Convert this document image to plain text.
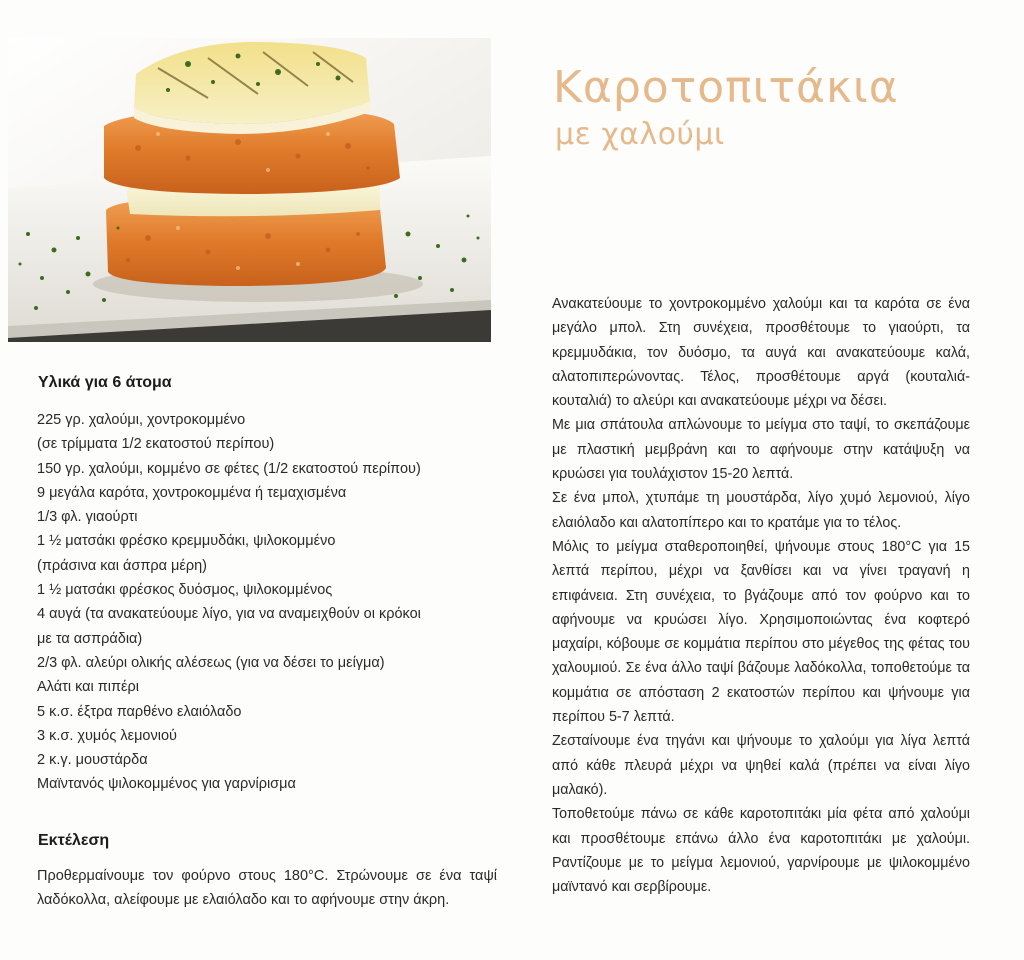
Καροτοπιτάκια
με χαλούμι
Υλικά για 6 άτομα
225 γρ. χαλούμι, χοντροκομμένο
(σε τρίμματα 1/2 εκατοστού περίπου)
150 γρ. χαλούμι, κομμένο σε φέτες (1/2 εκατοστού περίπου)
9 μεγάλα καρότα, χοντροκομμένα ή τεμαχισμένα
1/3 φλ. γιαούρτι
1 ½ ματσάκι φρέσκο κρεμμυδάκι, ψιλοκομμένο
(πράσινα και άσπρα μέρη)
1 ½ ματσάκι φρέσκος δυόσμος, ψιλοκομμένος
4 αυγά (τα ανακατεύουμε λίγο, για να αναμειχθούν οι κρόκοι
με τα ασπράδια)
2/3 φλ. αλεύρι ολικής αλέσεως (για να δέσει το μείγμα)
Αλάτι και πιπέρι
5 κ.σ. έξτρα παρθένο ελαιόλαδο
3 κ.σ. χυμός λεμονιού
2 κ.γ. μουστάρδα
Μαϊντανός ψιλοκομμένος για γαρνίρισμα
Εκτέλεση

Προθερμαίνουμε τον φούρνο στους 180°C. Στρώνουμε σε ένα ταψί λαδόκολλα, αλείφουμε με ελαιόλαδο και το αφήνουμε στην άκρη.

Ανακατεύουμε το χοντροκομμένο χαλούμι και τα καρότα σε ένα μεγάλο μπολ. Στη συνέχεια, προσθέτουμε το γιαούρτι, τα κρεμμυδάκια, τον δυόσμο, τα αυγά και ανακατεύουμε καλά, αλατοπιπερώνοντας. Τέλος, προσθέτουμε αργά (κουταλιά-κουταλιά) το αλεύρι και ανακατεύουμε μέχρι να δέσει.

Με μια σπάτουλα απλώνουμε το μείγμα στο ταψί, το σκεπάζουμε με πλαστική μεμβράνη και το αφήνουμε στην κατάψυξη να κρυώσει για τουλάχιστον 15-20 λεπτά.

Σε ένα μπολ, χτυπάμε τη μουστάρδα, λίγο χυμό λεμονιού, λίγο ελαιόλαδο και αλατοπίπερο και το κρατάμε για το τέλος.

Μόλις το μείγμα σταθεροποιηθεί, ψήνουμε στους 180°C για 15 λεπτά περίπου, μέχρι να ξανθίσει και να γίνει τραγανή η επιφάνεια. Στη συνέχεια, το βγάζουμε από τον φούρνο και το αφήνουμε να κρυώσει λίγο. Χρησιμοποιώντας ένα κοφτερό μαχαίρι, κόβουμε σε κομμάτια περίπου στο μέγεθος της φέτας του χαλουμιού. Σε ένα άλλο ταψί βάζουμε λαδόκολλα, τοποθετούμε τα κομμάτια σε απόσταση 2 εκατοστών περίπου και ψήνουμε για περίπου 5-7 λεπτά.

Ζεσταίνουμε ένα τηγάνι και ψήνουμε το χαλούμι για λίγα λεπτά από κάθε πλευρά μέχρι να ψηθεί καλά (πρέπει να είναι λίγο μαλακό).

Τοποθετούμε πάνω σε κάθε καροτοπιτάκι μία φέτα από χαλούμι και προσθέτουμε επάνω άλλο ένα καροτοπιτάκι με χαλούμι. Ραντίζουμε με το μείγμα λεμονιού, γαρνίρουμε με ψιλοκομμένο μαϊντανό και σερβίρουμε.
